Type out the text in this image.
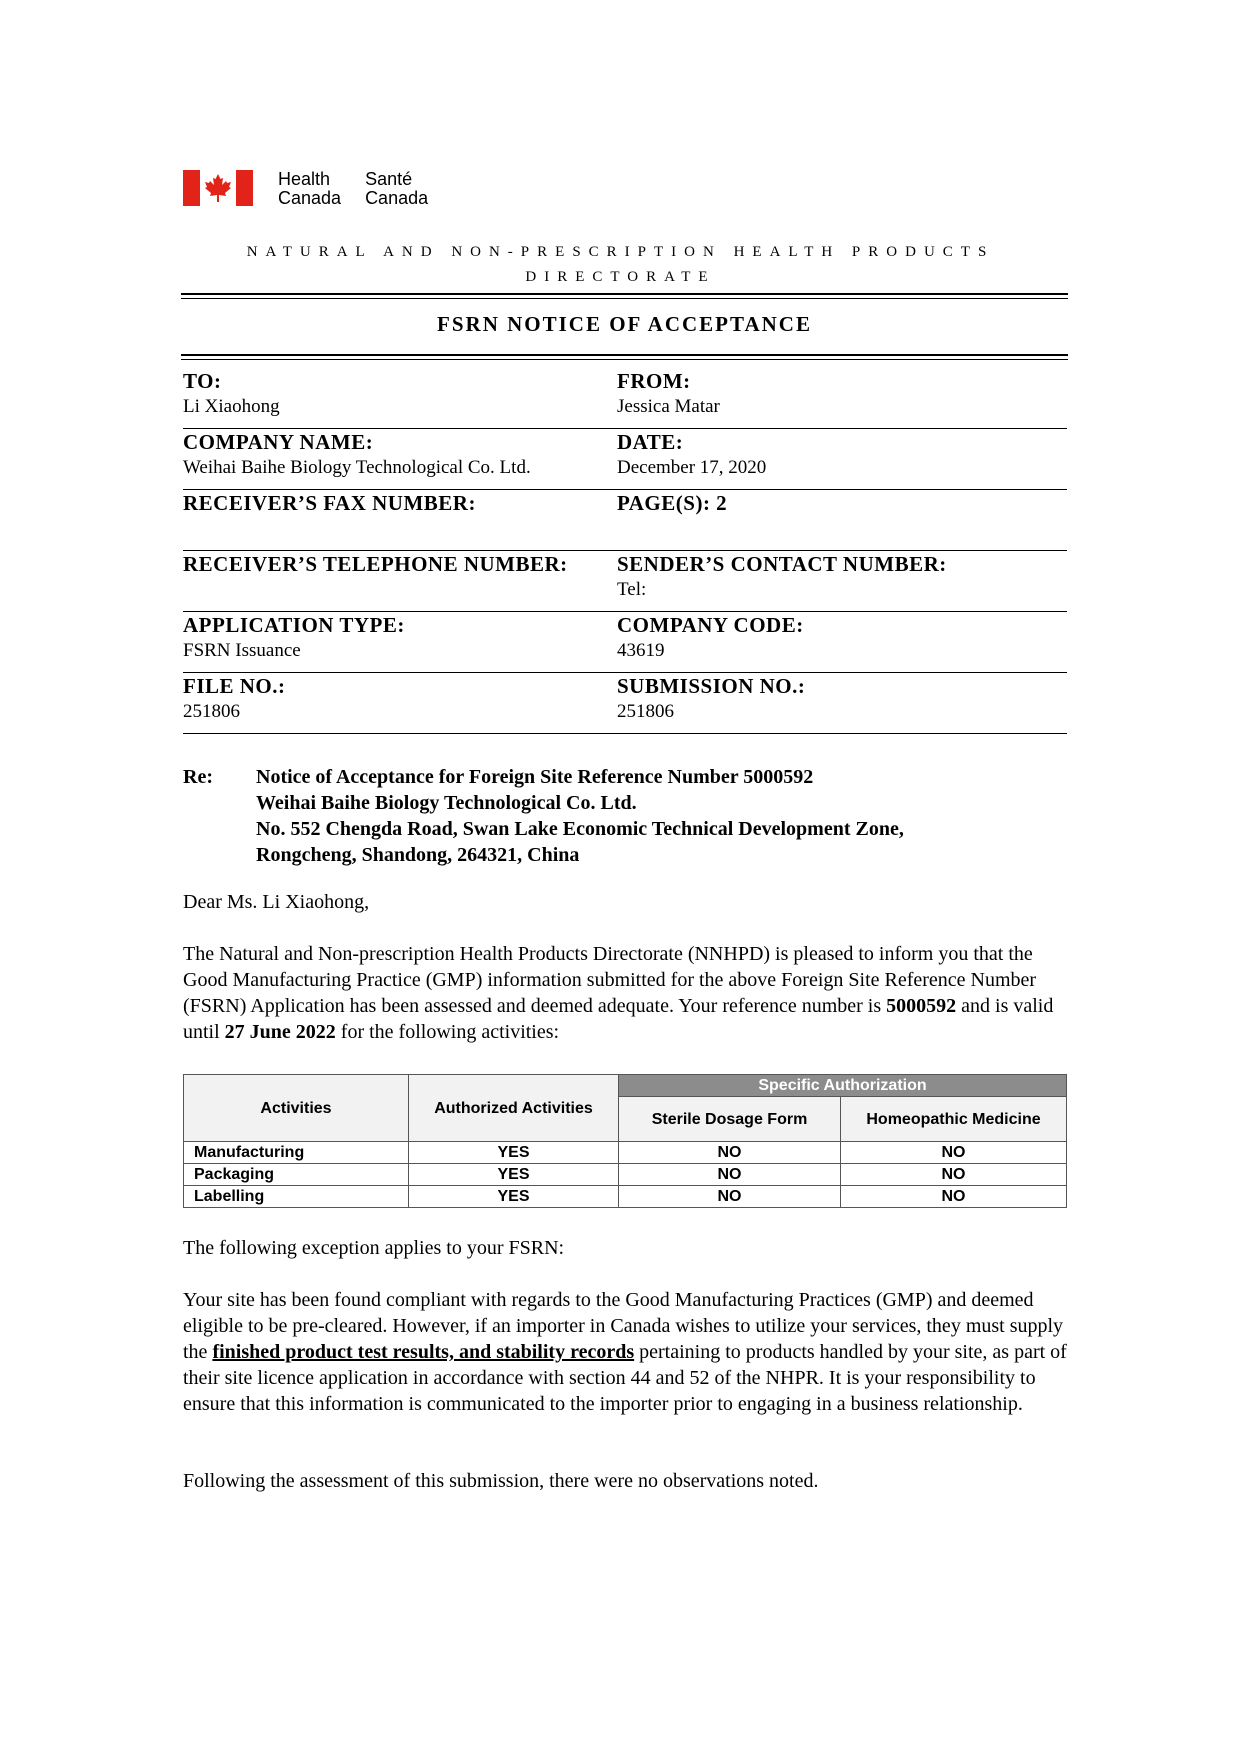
Health
Canada
Santé
Canada
NATURAL AND NON-PRESCRIPTION HEALTH PRODUCTS
DIRECTORATE
FSRN NOTICE OF ACCEPTANCE
TO:
Li Xiaohong
FROM:
Jessica Matar
COMPANY NAME:
Weihai Baihe Biology Technological Co. Ltd.
DATE:
December 17, 2020
RECEIVER’S FAX NUMBER:	PAGE(S): 2
RECEIVER’S TELEPHONE NUMBER:	SENDER’S CONTACT NUMBER:
Tel:
APPLICATION TYPE:
FSRN Issuance
COMPANY CODE:
43619
FILE NO.:
251806
SUBMISSION NO.:
251806
Re:	Notice of Acceptance for Foreign Site Reference Number 5000592
Weihai Baihe Biology Technological Co. Ltd.
No. 552 Chengda Road, Swan Lake Economic Technical Development Zone,
Rongcheng, Shandong, 264321, China
Dear Ms. Li Xiaohong,
The Natural and Non-prescription Health Products Directorate (NNHPD) is pleased to inform you that the Good Manufacturing Practice (GMP) information submitted for the above Foreign Site Reference Number (FSRN) Application has been assessed and deemed adequate. Your reference number is 5000592 and is valid until 27 June 2022 for the following activities:
Activities	Authorized Activities	Specific Authorization	
		Sterile Dosage Form	Homeopathic Medicine
Manufacturing	YES	NO	NO
Packaging	YES	NO	NO
Labelling	YES	NO	NO
The following exception applies to your FSRN:
Your site has been found compliant with regards to the Good Manufacturing Practices (GMP) and deemed eligible to be pre-cleared. However, if an importer in Canada wishes to utilize your services, they must supply the finished product test results, and stability records pertaining to products handled by your site, as part of their site licence application in accordance with section 44 and 52 of the NHPR. It is your responsibility to ensure that this information is communicated to the importer prior to engaging in a business relationship.
Following the assessment of this submission, there were no observations noted.
